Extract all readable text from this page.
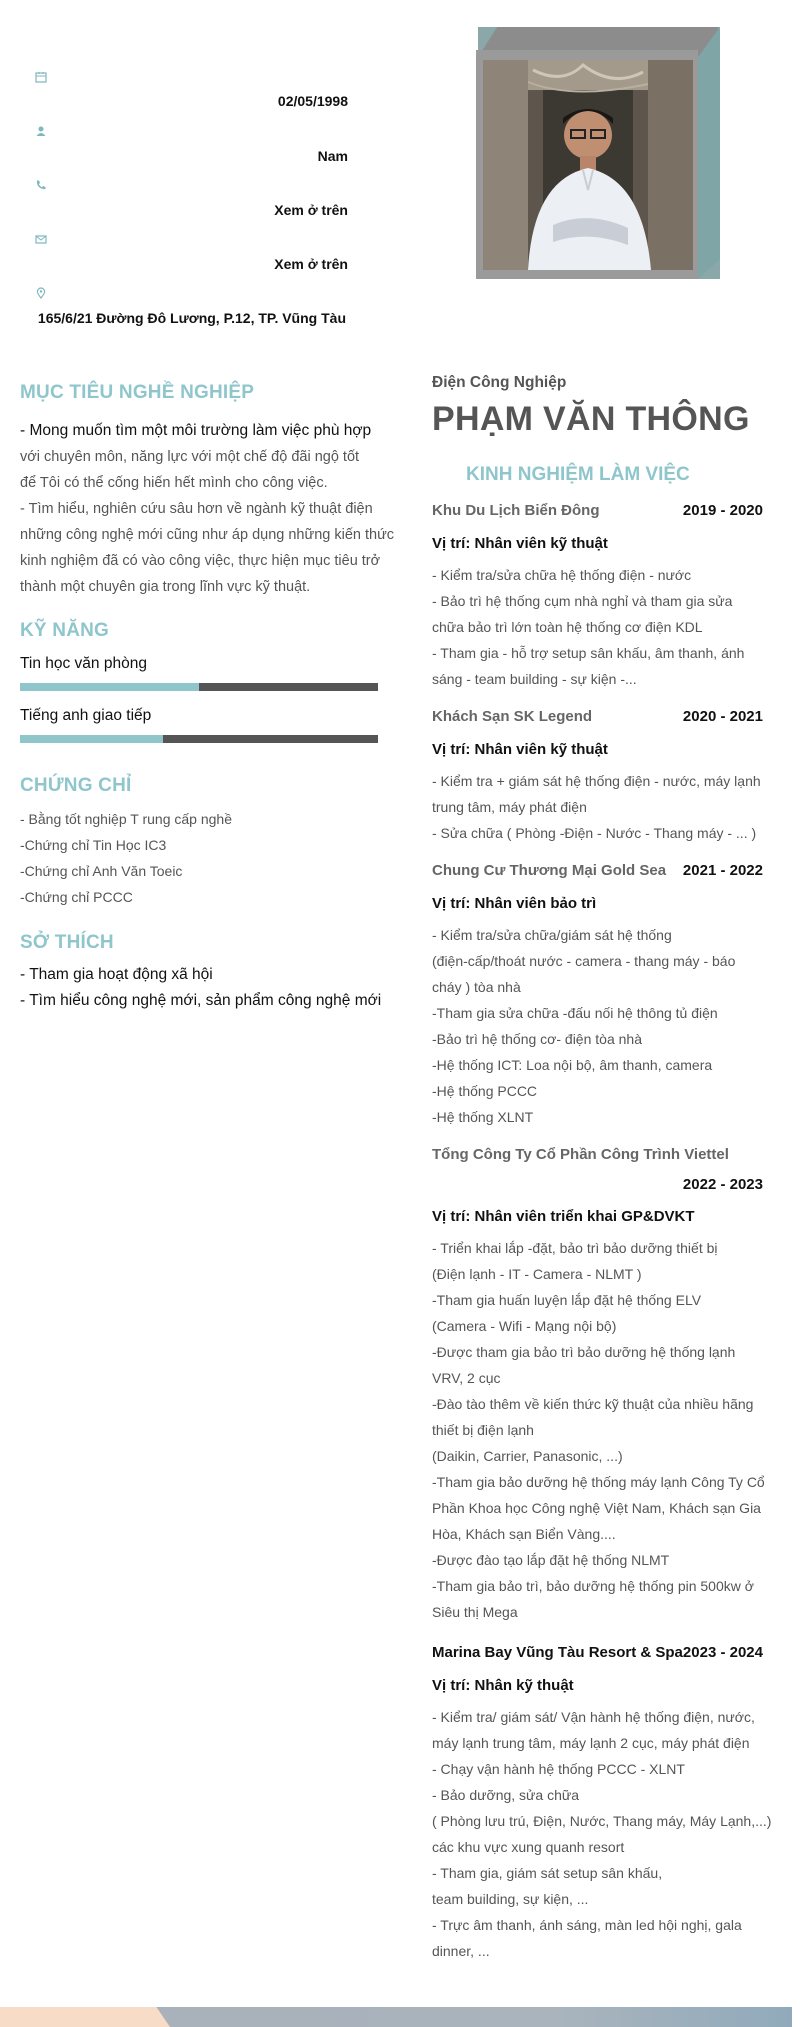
02/05/1998
Nam
Xem ở trên
Xem ở trên
165/6/21 Đường Đô Lương, P.12, TP. Vũng Tàu
MỤC TIÊU NGHỀ NGHIỆP
- Mong muốn tìm một môi trường làm việc phù hợp
với chuyên môn, năng lực với một chế độ đãi ngộ tốt
để Tôi có thể cống hiến hết mình cho công việc.
- Tìm hiểu, nghiên cứu sâu hơn về ngành kỹ thuật điện
những công nghệ mới cũng như áp dụng những kiến thức
kinh nghiệm đã có vào công việc, thực hiện mục tiêu trở
thành một chuyên gia trong lĩnh vực kỹ thuật.
KỸ NĂNG
Tin học văn phòng
Tiếng anh giao tiếp
CHỨNG CHỈ
- Bằng tốt nghiệp T rung cấp nghề
-Chứng chỉ Tin Học IC3
-Chứng chỉ Anh Văn Toeic
-Chứng chỉ PCCC
SỞ THÍCH
- Tham gia hoạt động xã hội
- Tìm hiểu công nghệ mới, sản phẩm công nghệ mới
Điện Công Nghiệp
PHẠM VĂN THÔNG
KINH NGHIỆM LÀM VIỆC
Khu Du Lịch Biển Đông	2019 - 2020
Vị trí: Nhân viên kỹ thuật
- Kiểm tra/sửa chữa hệ thống điện - nước
- Bảo trì hệ thống cụm nhà nghỉ và tham gia sửa
chữa bảo trì lớn toàn hệ thống cơ điện KDL
- Tham gia - hỗ trợ setup sân khấu, âm thanh, ánh
sáng - team building - sự kiện -...
Khách Sạn SK Legend	2020 - 2021
Vị trí: Nhân viên kỹ thuật
- Kiểm tra + giám sát hệ thống điện - nước, máy lạnh
trung tâm, máy phát điện
- Sửa chữa ( Phòng -Điện - Nước - Thang máy - ... )
Chung Cư Thương Mại Gold Sea 2021 - 2022
Vị trí: Nhân viên bảo trì
- Kiểm tra/sửa chữa/giám sát hệ thống
(điện-cấp/thoát nước - camera - thang máy - báo
cháy ) tòa nhà
-Tham gia sửa chữa -đấu nối hệ thông tủ điện
-Bảo trì hệ thống cơ- điện tòa nhà
-Hệ thống ICT: Loa nội bộ, âm thanh, camera
-Hệ thống PCCC
-Hệ thống XLNT
Tổng Công Ty Cổ Phần Công Trình Viettel
2022 - 2023
Vị trí: Nhân viên triển khai GP&DVKT
- Triển khai lắp -đặt, bảo trì bảo dưỡng thiết bị
(Điện lạnh - IT - Camera - NLMT )
-Tham gia huấn luyện lắp đặt hệ thống ELV
(Camera - Wifi - Mạng nội bộ)
-Được tham gia bảo trì bảo dưỡng hệ thống lạnh
VRV, 2 cục
-Đào tào thêm về kiến thức kỹ thuật của nhiều hãng
thiết bị điện lạnh
(Daikin, Carrier, Panasonic, ...)
-Tham gia bảo dưỡng hệ thống máy lạnh Công Ty Cổ
Phần Khoa học Công nghệ Việt Nam, Khách sạn Gia
Hòa, Khách sạn Biển Vàng....
-Được đào tạo lắp đặt hệ thống NLMT
-Tham gia bảo trì, bảo dưỡng hệ thống pin 500kw ở
Siêu thị Mega
Marina Bay Vũng Tàu Resort & Spa 2023 - 2024
Vị trí: Nhân kỹ thuật
- Kiểm tra/ giám sát/ Vận hành hệ thống điện, nước,
máy lạnh trung tâm, máy lạnh 2 cục, máy phát điện
- Chạy vận hành hệ thống PCCC - XLNT
- Bảo dưỡng, sửa chữa
( Phòng lưu trú, Điện, Nước, Thang máy, Máy Lạnh,...)
các khu vực xung quanh resort
- Tham gia, giám sát setup sân khấu,
team building, sự kiện, ...
- Trực âm thanh, ánh sáng, màn led hội nghị, gala
dinner, ...
